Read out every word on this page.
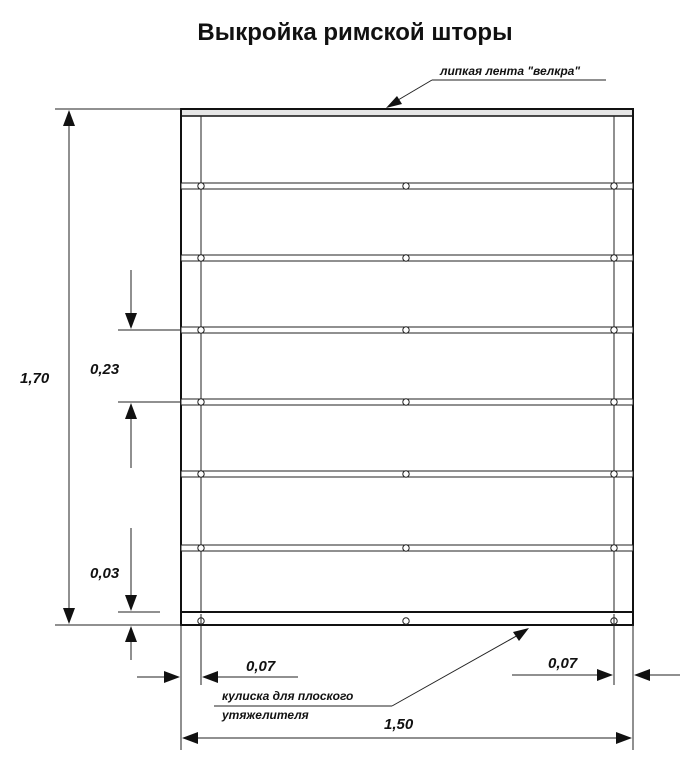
Выкройка римской шторы
липкая лента "велкра"
1,70
0,23
0,03
0,07	0,07
кулиска для плоского
утяжелителя
1,50
